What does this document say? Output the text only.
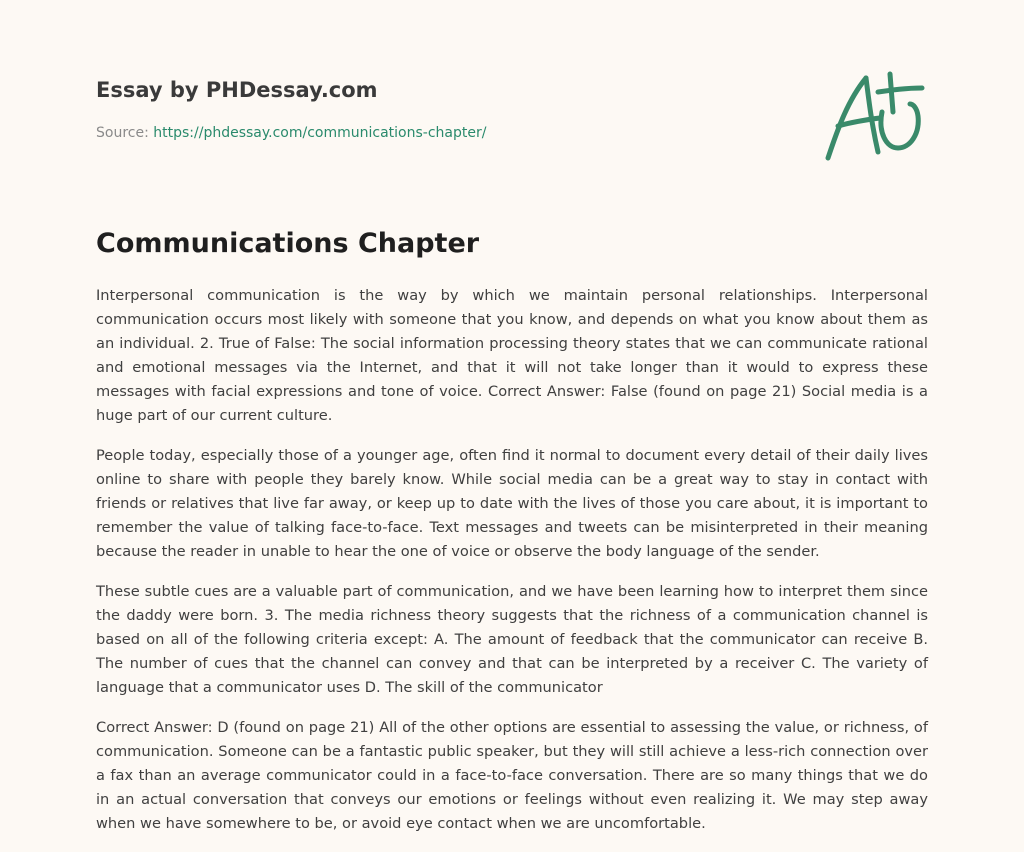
Essay by PHDessay.com
Source: https://phdessay.com/communications-chapter/
Communications Chapter

Interpersonal communication is the way by which we maintain personal relationships. Interpersonal communication occurs most likely with someone that you know, and depends on what you know about them as an individual. 2. True of False: The social information processing theory states that we can communicate rational and emotional messages via the Internet, and that it will not take longer than it would to express these messages with facial expressions and tone of voice. Correct Answer: False (found on page 21) Social media is a huge part of our current culture.

People today, especially those of a younger age, often find it normal to document every detail of their daily lives online to share with people they barely know. While social media can be a great way to stay in contact with friends or relatives that live far away, or keep up to date with the lives of those you care about, it is important to remember the value of talking face-to-face. Text messages and tweets can be misinterpreted in their meaning because the reader in unable to hear the one of voice or observe the body language of the sender.

These subtle cues are a valuable part of communication, and we have been learning how to interpret them since the daddy were born. 3. The media richness theory suggests that the richness of a communication channel is based on all of the following criteria except: A. The amount of feedback that the communicator can receive B. The number of cues that the channel can convey and that can be interpreted by a receiver C. The variety of language that a communicator uses D. The skill of the communicator

Correct Answer: D (found on page 21) All of the other options are essential to assessing the value, or richness, of communication. Someone can be a fantastic public speaker, but they will still achieve a less-rich connection over a fax than an average communicator could in a face-to-face conversation. There are so many things that we do in an actual conversation that conveys our emotions or feelings without even realizing it. We may step away when we have somewhere to be, or avoid eye contact when we are uncomfortable.
